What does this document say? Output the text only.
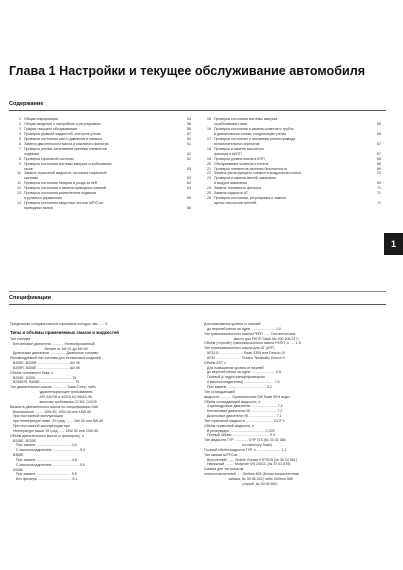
Глава 1 Настройки и текущее обслуживание автомобиля
Содержание
1 Общая информация	54
2 Общие сведения о настройках и регулировках	56
3 График текущего обслуживания	56
4 Проверка уровней жидкостей, контроль утечек	57
5 Проверка состояния шин и давления в накачки	60
6 Замена двигательного масла и масляного фильтра	61
7 Проверка усилия затягивания крепежа элементов
подвески	62
8 Проверка тормозной системы	62
9 Проверка состояния системы выпуска отработавших
газов	63
10 Замена тормозной жидкости, прокачка тормозной
системы	63
11 Проверка состояния батареи и ухода за ней	64
12 Проверка состояния и замена приводных ремней	64
13 Проверка состояния компонентов подвески
и рулевого управления	65
14 Проверка состояния защитных чехлов ШРУСов
приводных валов	66
15 Проверка состояния системы выпуска
отработавших газов	66
16 Проверка состояния и замена шлангов и трубок
в двигательном отсеке, конденсация утечек	66
17 Проверка состояния и натяжения ремня привода
вспомогательных агрегатов	67
18 Проверка и замена масляного
фильтра в АКПП	67
19 Проверка уровня масла в КПП	68
20 Обслуживание шлангов и петель	68
21 Проверка элементов системы безопасности	69
22 Замена фильтрующего элемента воздухоочистителя	70
23 Проверка и замена свечей зажигания
и модуля зажигания	69
24 Замена топливного фильтра	71
25 Замена жидкости АТ	71
26 Проверка состояния, регулировка и замена
щеток стеклоочистителей	71
1
Спецификации
Предельная толщина износа тормозных колодок, мм ...... 5
Типы и объёмы применяемых смазок и жидкостей
Тип топлива
Бензиновые двигатели ............ Неэтилированный
бензин от АИ-91 до АИ-98
Дизельные двигатели ................ Дизельное топливо
Рекомендуемый тип топлива для бензиновых моделей
B205E, B205R ................................ АИ 95
B205R, B308E ................................ АИ 95
Объём топливного бака, л
B205E, D205L ................................... 75
B235E/R, B308E .................................. 75
Тип двигательного масла .............. Saab Turbo, либо
удовлетворяющее требованиям
API-SG/SH и ACEA А2-96/А3-96,
включая требования CCMC G4/G5
Вязкость двигательного масла по спецификации SAE
Всесезонное ........ 10W-30, 10W-40 или 15W-40
При постоянной эксплуатации
при температуре ниже -20 град ........ 5W-30 или 5W-40
При постоянной эксплуатации при
температуре выше 15 град ...... 15W-30 или 20W-50
Объём двигательного масла (с фильтром), л
B205E, B235E
При замене ................................... 4,0
С маслоохладителем ........................... 5,4
B308E
При замене ................................... 4,5
С маслоохладителем ........................... 5,0
D308L
При замене ................................... 5,5
Без фильтра .................................. 5,1
Для повышения уровня от нижней
до верхней метки на щупе ........................ 1,0
Тип трансмиссионного масла РКПП ...... Синтетическое
масло для РКПП Saab (№ 400 108 247)
Объём («сухой») трансмиссионного масла РКПП, л ..... 1,8
Тип трансмиссионного масла для АТ (ATF)
AF33-5 ........................ Saab 3309 или Dexron III
AF30 ......................... Texaco Texamatic Dexron II
Объём ATF, л
Для повышения уровня от нижней
до верхней метки на щупе ........................ 0,6
Полный (с гидротрансформатором
и маслоохладителем) .............................. 7,0
При замене ....................................... 3,2
Тип охлаждающей
жидкости ........... Оригинальная ОЖ Saab 50% воды
Объём охлаждающей жидкости, л
4-цилиндровые двигатели .......................... 7,4
Бензиновые двигатели V6 .......................... 7,2
Дизельные двигатели V6 ........................... 7,1
Тип тормозной жидкости ............................ DOT 4
Объём тормозной жидкости, л
В резервуаре ................................... 0,225
Полный объём ..................................... 0,9
Тип жидкости ГУР ............. CHF 11S (№ 30 32 380
по каталогу Saab)
Полный объём жидкости ГУР, л ........................ 1,3
Тип смазки ШРУСов
Внутренний ....... Mobile Grease KS75DS (№ 30 04 561)
Наружный ......... Molycote VN 2461C (№ 87 61 878)
Смазка для тяг рычагов
стеклоочистителей ..... Gleitmo 805 (Белая консистентная
смазка, № 30 06 442) либо Gleitmo 580
(серый, № 30 06 562)
